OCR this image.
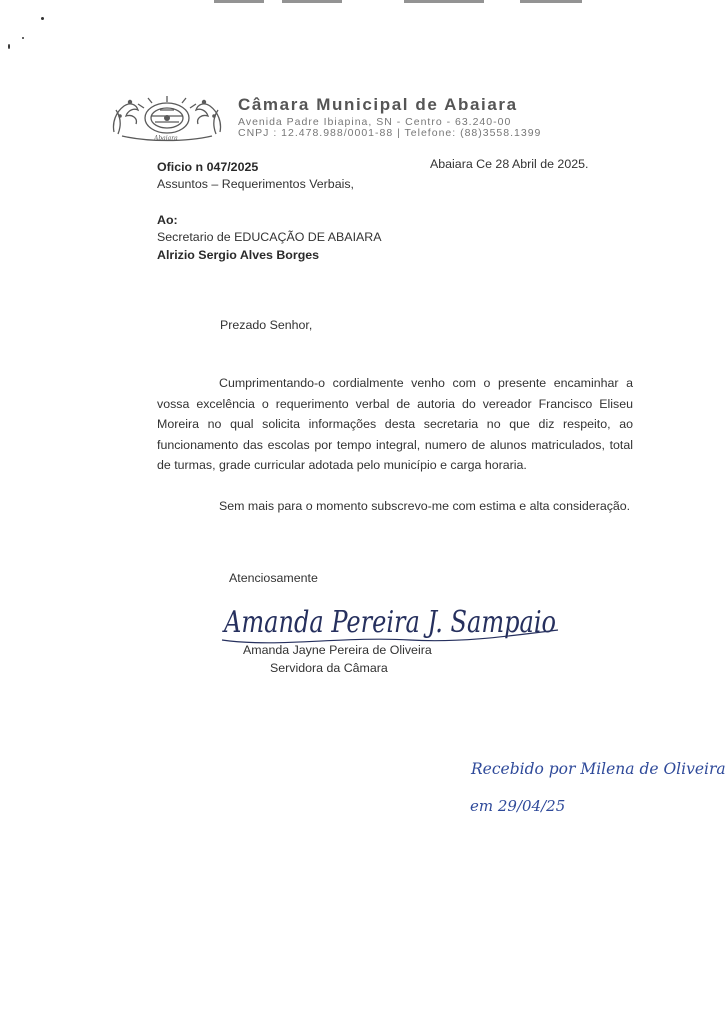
Abaiara
Câmara Municipal de Abaiara
Avenida Padre Ibiapina, SN - Centro - 63.240-00
CNPJ : 12.478.988/0001-88 | Telefone: (88)3558.1399
Oficio n 047/2025	Abaiara Ce 28 Abril de 2025.
Assuntos – Requerimentos Verbais,
Ao:
Secretario de EDUCAÇÃO DE ABAIARA
Alrizio Sergio Alves Borges
Prezado Senhor,

Cumprimentando-o cordialmente venho com o presente encaminhar a vossa excelência o requerimento verbal de autoria do vereador Francisco Eliseu Moreira no qual solicita informações desta secretaria no que diz respeito, ao funcionamento das escolas por tempo integral, numero de alunos matriculados, total de turmas, grade curricular adotada pelo município e carga horaria.

Sem mais para o momento subscrevo-me com estima e alta consideração.

Atenciosamente
Amanda Pereira J. Sampaio
Amanda Jayne Pereira de Oliveira
Servidora da Câmara
Recebido por Milena de Oliveira
em 29/04/25
